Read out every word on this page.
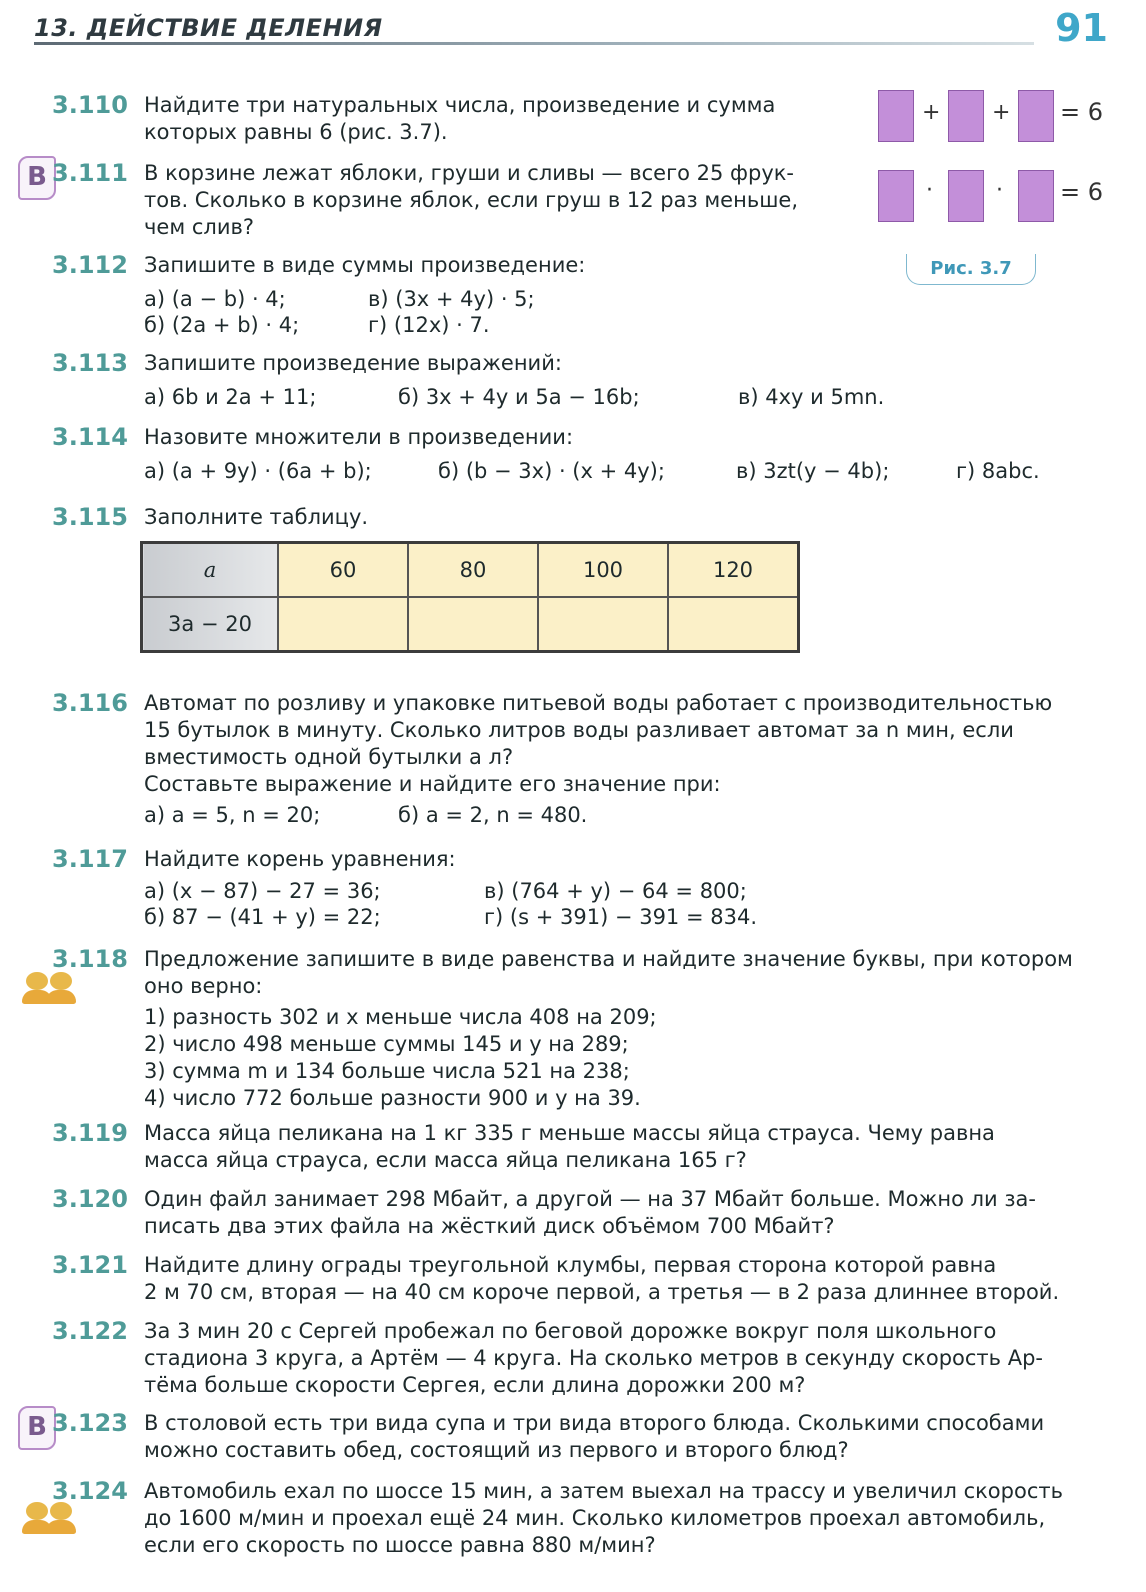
13. ДЕЙСТВИЕ ДЕЛЕНИЯ	91
+ + = 6
·	· = 6
Рис. 3.7
3.110 Найдите три натуральных числа, произведение и сумма
которых равны 6 (рис. 3.7).
В 3.111 В корзине лежат яблоки, груши и сливы — всего 25 фрук-
тов. Сколько в корзине яблок, если груш в 12 раз меньше,
чем слив?
3.112 Запишите в виде суммы произведение:
а) (a − b) · 4;
б) (2a + b) · 4;
в) (3x + 4y) · 5;
г) (12x) · 7.
3.113 Запишите произведение выражений:
а) 6b и 2a + 11;	б) 3x + 4y и 5a − 16b;	в) 4xy и 5mn.
3.114 Назовите множители в произведении:
а) (a + 9y) · (6a + b);	б) (b − 3x) · (x + 4y);	в) 3zt(y − 4b);	г) 8abc.
3.115 Заполните таблицу.
a	60	80	100	120
3a − 20				
3.116 Автомат по розливу и упаковке питьевой воды работает с производительностью
15 бутылок в минуту. Сколько литров воды разливает автомат за n мин, если
вместимость одной бутылки a л?
Составьте выражение и найдите его значение при:
а) a = 5, n = 20;	б) a = 2, n = 480.
3.117 Найдите корень уравнения:
а) (x − 87) − 27 = 36;
б) 87 − (41 + y) = 22;
в) (764 + y) − 64 = 800;
г) (s + 391) − 391 = 834.
3.118 Предложение запишите в виде равенства и найдите значение буквы, при котором
оно верно:
1) разность 302 и x меньше числа 408 на 209;
2) число 498 меньше суммы 145 и y на 289;
3) сумма m и 134 больше числа 521 на 238;
4) число 772 больше разности 900 и y на 39.
3.119 Масса яйца пеликана на 1 кг 335 г меньше массы яйца страуса. Чему равна
масса яйца страуса, если масса яйца пеликана 165 г?
3.120 Один файл занимает 298 Мбайт, а другой — на 37 Мбайт больше. Можно ли за-
писать два этих файла на жёсткий диск объёмом 700 Мбайт?
3.121 Найдите длину ограды треугольной клумбы, первая сторона которой равна
2 м 70 см, вторая — на 40 см короче первой, а третья — в 2 раза длиннее второй.
3.122 За 3 мин 20 с Сергей пробежал по беговой дорожке вокруг поля школьного
стадиона 3 круга, а Артём — 4 круга. На сколько метров в секунду скорость Ар-
тёма больше скорости Сергея, если длина дорожки 200 м?
В 3.123 В столовой есть три вида супа и три вида второго блюда. Сколькими способами
можно составить обед, состоящий из первого и второго блюд?
3.124 Автомобиль ехал по шоссе 15 мин, а затем выехал на трассу и увеличил скорость
до 1600 м/мин и проехал ещё 24 мин. Сколько километров проехал автомобиль,
если его скорость по шоссе равна 880 м/мин?
